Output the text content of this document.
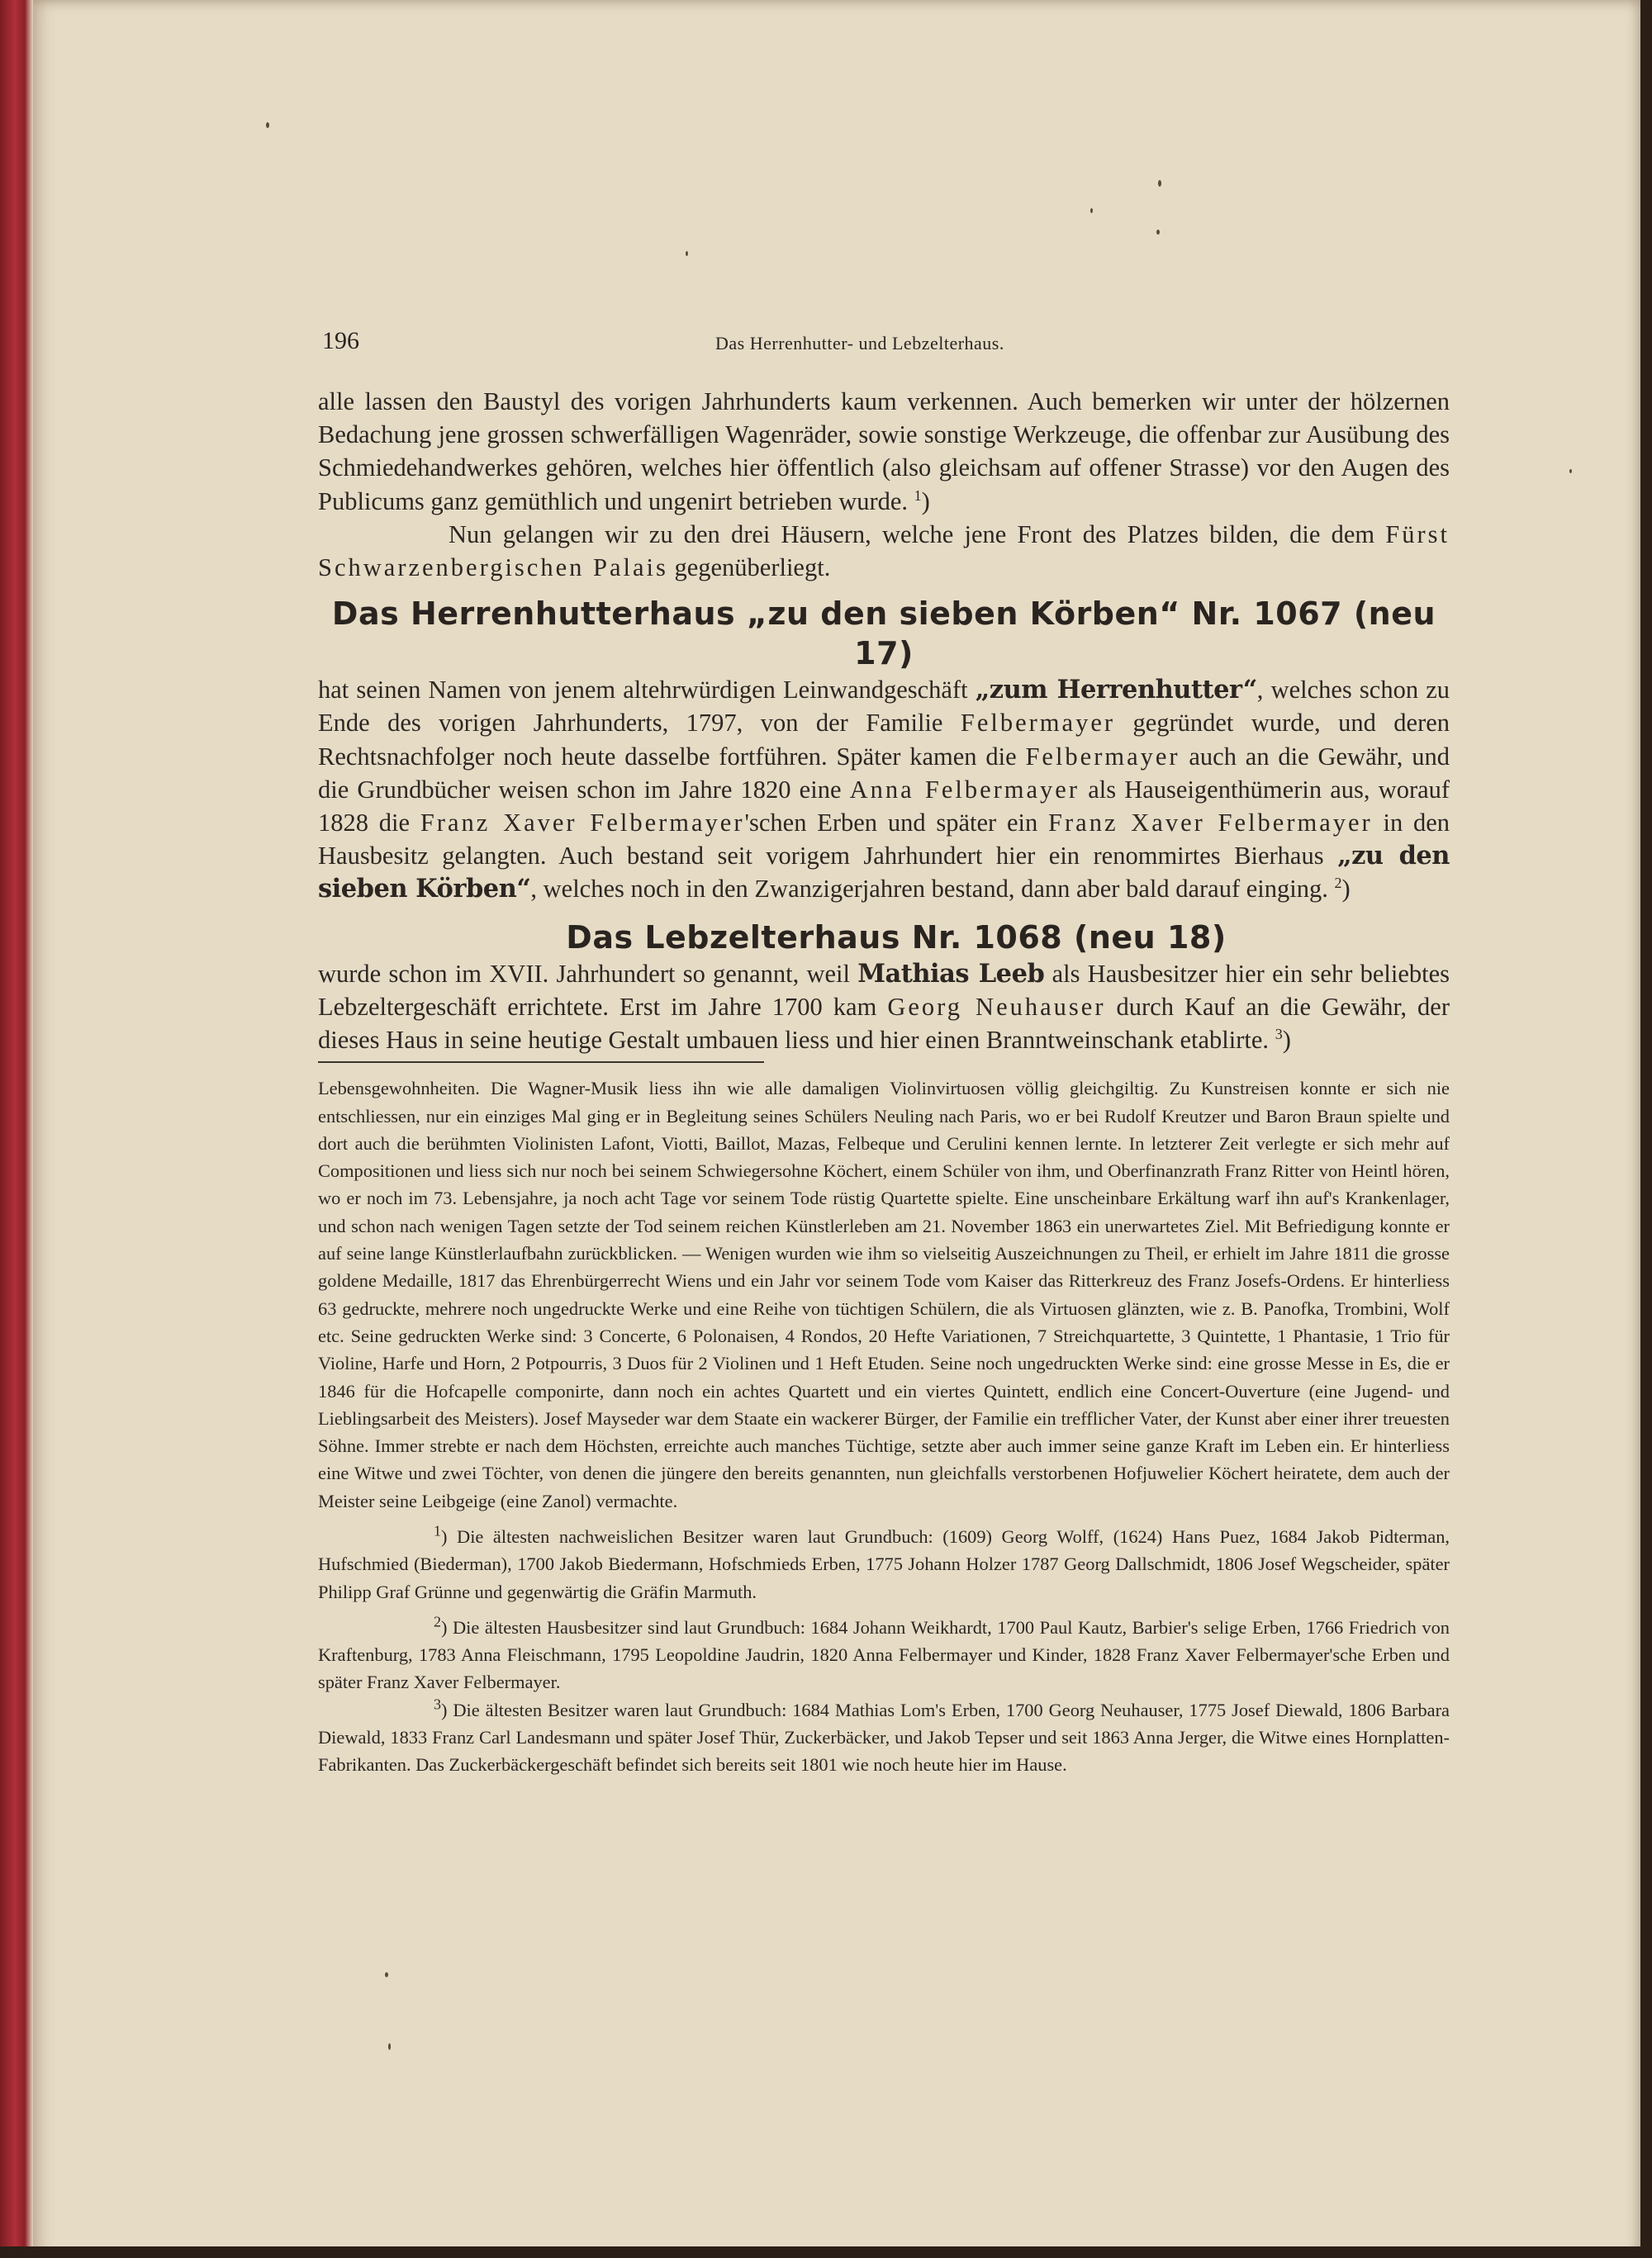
196	Das Herrenhutter- und Lebzelterhaus.

alle lassen den Baustyl des vorigen Jahrhunderts kaum verkennen. Auch bemerken wir unter der hölzernen Bedachung jene grossen schwerfälligen Wagenräder, sowie sonstige Werkzeuge, die offenbar zur Ausübung des Schmiedehandwerkes gehören, welches hier öffentlich (also gleichsam auf offener Strasse) vor den Augen des Publicums ganz gemüthlich und ungenirt betrieben wurde. $^1$)

Nun gelangen wir zu den drei Häusern, welche jene Front des Platzes bilden, die dem Fürst Schwarzenbergischen Palais gegenüberliegt.

Das Herrenhutterhaus „zu den sieben Körben“ Nr. 1067 (neu 17)

hat seinen Namen von jenem altehrwürdigen Leinwandgeschäft „zum Herrenhutter“, welches schon zu Ende des vorigen Jahrhunderts, 1797, von der Familie Felbermayer gegründet wurde, und deren Rechtsnachfolger noch heute dasselbe fortführen. Später kamen die Felbermayer auch an die Gewähr, und die Grundbücher weisen schon im Jahre 1820 eine Anna Felbermayer als Hauseigenthümerin aus, worauf 1828 die Franz Xaver Felbermayer'schen Erben und später ein Franz Xaver Felbermayer in den Hausbesitz gelangten. Auch bestand seit vorigem Jahrhundert hier ein renommirtes Bierhaus „zu den sieben Körben“, welches noch in den Zwanzigerjahren bestand, dann aber bald darauf einging. $^2$)

Das Lebzelterhaus Nr. 1068 (neu 18)

wurde schon im XVII. Jahrhundert so genannt, weil Mathias Leeb als Hausbesitzer hier ein sehr beliebtes Lebzeltergeschäft errichtete. Erst im Jahre 1700 kam Georg Neuhauser durch Kauf an die Gewähr, der dieses Haus in seine heutige Gestalt umbauen liess und hier einen Branntweinschank etablirte. $^3$)

Lebensgewohnheiten. Die Wagner-Musik liess ihn wie alle damaligen Violinvirtuosen völlig gleichgiltig. Zu Kunstreisen konnte er sich nie entschliessen, nur ein einziges Mal ging er in Begleitung seines Schülers Neuling nach Paris, wo er bei Rudolf Kreutzer und Baron Braun spielte und dort auch die berühmten Violinisten Lafont, Viotti, Baillot, Mazas, Felbeque und Cerulini kennen lernte. In letzterer Zeit verlegte er sich mehr auf Compositionen und liess sich nur noch bei seinem Schwiegersohne Köchert, einem Schüler von ihm, und Oberfinanzrath Franz Ritter von Heintl hören, wo er noch im 73. Lebensjahre, ja noch acht Tage vor seinem Tode rüstig Quartette spielte. Eine unscheinbare Erkältung warf ihn auf's Krankenlager, und schon nach wenigen Tagen setzte der Tod seinem reichen Künstlerleben am 21. November 1863 ein unerwartetes Ziel. Mit Befriedigung konnte er auf seine lange Künstlerlaufbahn zurückblicken. — Wenigen wurden wie ihm so vielseitig Auszeichnungen zu Theil, er erhielt im Jahre 1811 die grosse goldene Medaille, 1817 das Ehrenbürgerrecht Wiens und ein Jahr vor seinem Tode vom Kaiser das Ritterkreuz des Franz Josefs-Ordens. Er hinterliess 63 gedruckte, mehrere noch ungedruckte Werke und eine Reihe von tüchtigen Schülern, die als Virtuosen glänzten, wie z. B. Panofka, Trombini, Wolf etc. Seine gedruckten Werke sind: 3 Concerte, 6 Polonaisen, 4 Rondos, 20 Hefte Variationen, 7 Streichquartette, 3 Quintette, 1 Phantasie, 1 Trio für Violine, Harfe und Horn, 2 Potpourris, 3 Duos für 2 Violinen und 1 Heft Etuden. Seine noch ungedruckten Werke sind: eine grosse Messe in Es, die er 1846 für die Hofcapelle componirte, dann noch ein achtes Quartett und ein viertes Quintett, endlich eine Concert-Ouverture (eine Jugend- und Lieblingsarbeit des Meisters). Josef Mayseder war dem Staate ein wackerer Bürger, der Familie ein trefflicher Vater, der Kunst aber einer ihrer treuesten Söhne. Immer strebte er nach dem Höchsten, erreichte auch manches Tüchtige, setzte aber auch immer seine ganze Kraft im Leben ein. Er hinterliess eine Witwe und zwei Töchter, von denen die jüngere den bereits genannten, nun gleichfalls verstorbenen Hofjuwelier Köchert heiratete, dem auch der Meister seine Leibgeige (eine Zanol) vermachte.

$^1$) Die ältesten nachweislichen Besitzer waren laut Grundbuch: (1609) Georg Wolff, (1624) Hans Puez, 1684 Jakob Pidterman, Hufschmied (Biederman), 1700 Jakob Biedermann, Hofschmieds Erben, 1775 Johann Holzer 1787 Georg Dallschmidt, 1806 Josef Wegscheider, später Philipp Graf Grünne und gegenwärtig die Gräfin Marmuth.

$^2$) Die ältesten Hausbesitzer sind laut Grundbuch: 1684 Johann Weikhardt, 1700 Paul Kautz, Barbier's selige Erben, 1766 Friedrich von Kraftenburg, 1783 Anna Fleischmann, 1795 Leopoldine Jaudrin, 1820 Anna Felbermayer und Kinder, 1828 Franz Xaver Felbermayer'sche Erben und später Franz Xaver Felbermayer.

$^3$) Die ältesten Besitzer waren laut Grundbuch: 1684 Mathias Lom's Erben, 1700 Georg Neuhauser, 1775 Josef Diewald, 1806 Barbara Diewald, 1833 Franz Carl Landesmann und später Josef Thür, Zuckerbäcker, und Jakob Tepser und seit 1863 Anna Jerger, die Witwe eines Hornplatten-Fabrikanten. Das Zuckerbäckergeschäft befindet sich bereits seit 1801 wie noch heute hier im Hause.
